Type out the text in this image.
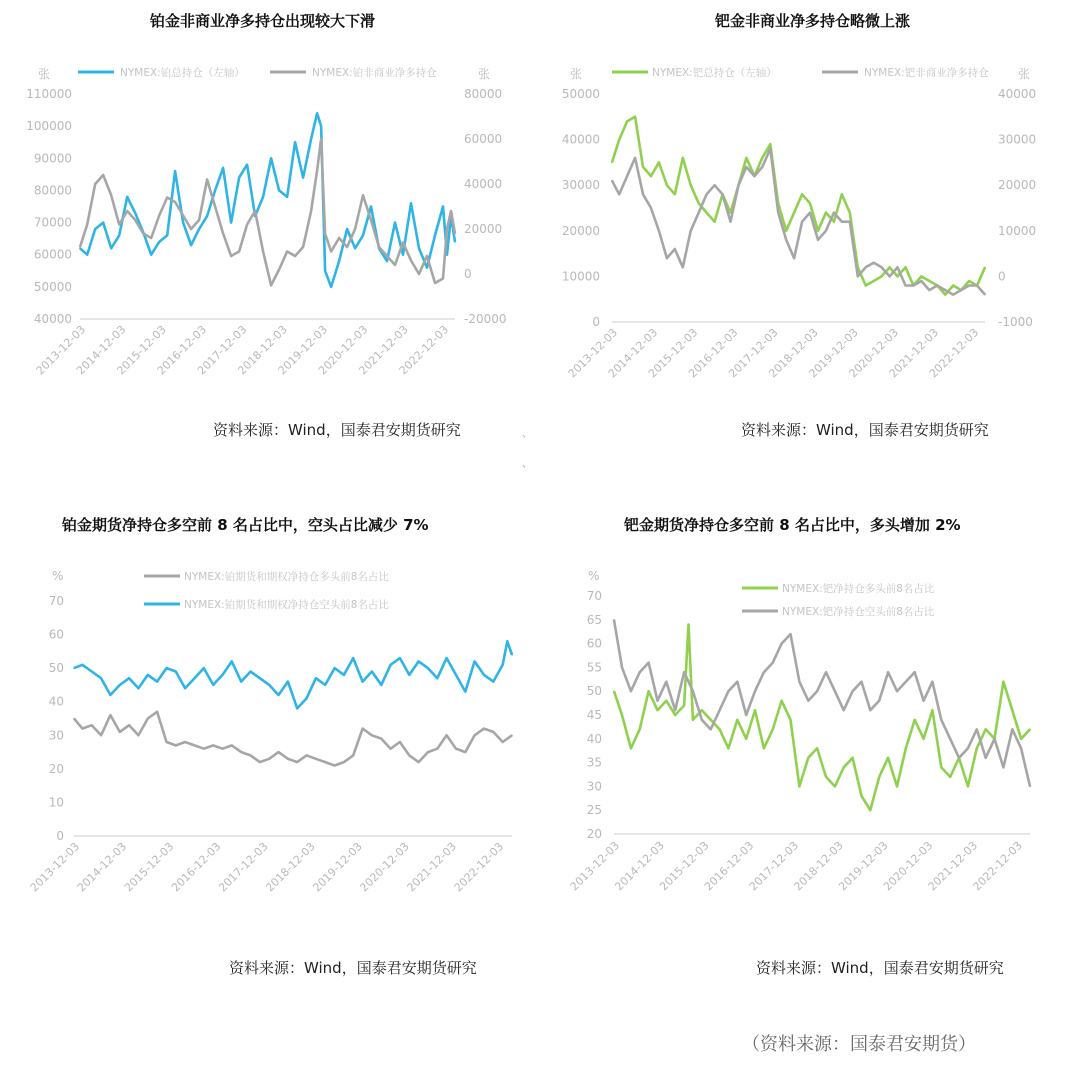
铂金非商业净多持仓出现较大下滑
张	张
40000
50000
60000
70000
80000
90000
100000
110000
-20000
0
20000
40000
60000
80000
2013-12-03
2014-12-03
2015-12-03
2016-12-03
2017-12-03
2018-12-03
2019-12-03
2020-12-03
2021-12-03
2022-12-03
NYMEX:铂总持仓（左轴）	NYMEX:铂非商业净多持仓
资料来源：Wind，国泰君安期货研究
钯金非商业净多持仓略微上涨
张	张
0
10000
20000
30000
40000
50000
-1000
0
10000
20000
30000
40000
2013-12-03
2014-12-03
2015-12-03
2016-12-03
2017-12-03
2018-12-03
2019-12-03
2020-12-03
2021-12-03
2022-12-03
NYMEX:钯总持仓（左轴）	NYMEX:钯非商业净多持仓
资料来源：Wind，国泰君安期货研究
铂金期货净持仓多空前 8 名占比中，空头占比减少 7%
%
0
10
20
30
40
50
60
70
2013-12-03
2014-12-03
2015-12-03
2016-12-03
2017-12-03
2018-12-03
2019-12-03
2020-12-03
2021-12-03
2022-12-03
NYMEX:铂期货和期权净持仓多头前8名占比
NYMEX:铂期货和期权净持仓空头前8名占比
资料来源：Wind，国泰君安期货研究
钯金期货净持仓多空前 8 名占比中，多头增加 2%
%
20
25
30
35
40
45
50
55
60
65
70
2013-12-03
2014-12-03
2015-12-03
2016-12-03
2017-12-03
2018-12-03
2019-12-03
2020-12-03
2021-12-03
2022-12-03
NYMEX:钯净持仓多头前8名占比
NYMEX:钯净持仓空头前8名占比
资料来源：Wind，国泰君安期货研究
、
、
（资料来源：国泰君安期货）
